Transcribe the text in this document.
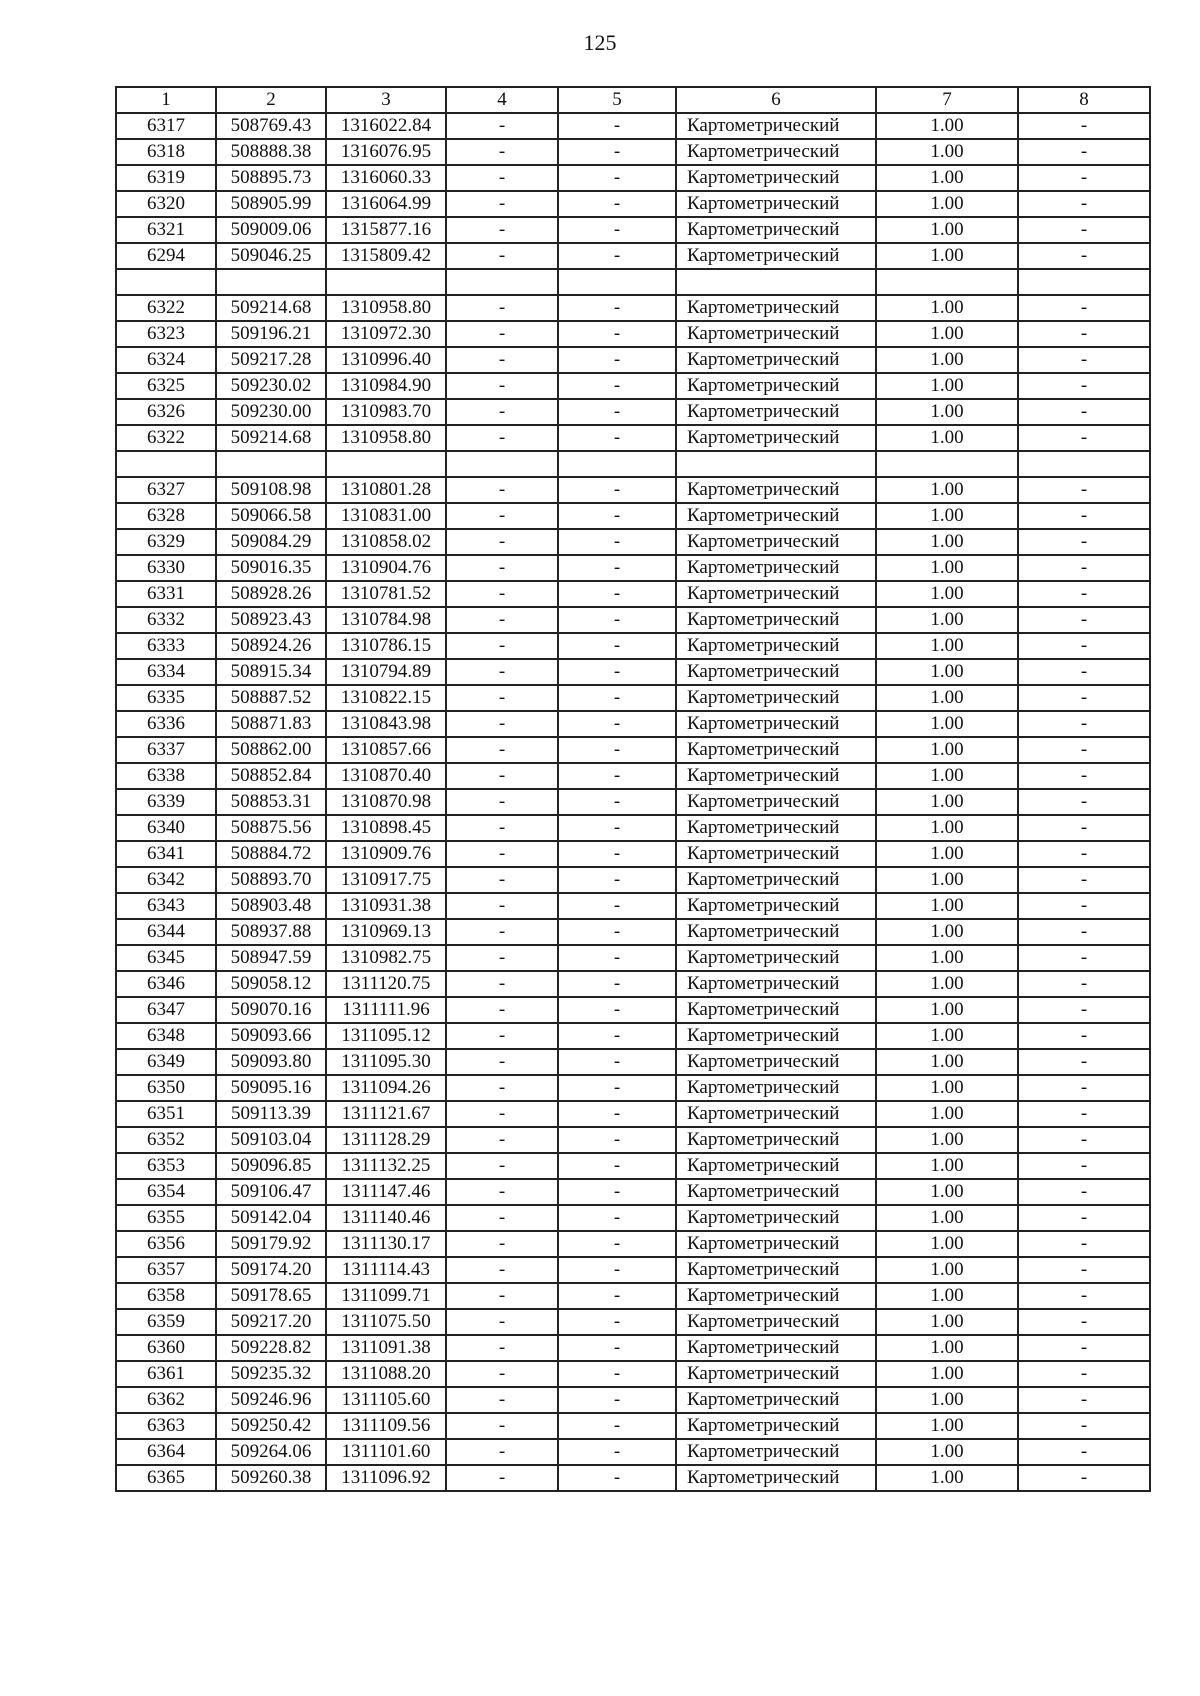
125
1	2	3	4	5	6	7	8
6317	508769.43	1316022.84	-	-	Картометрический	1.00	-
6318	508888.38	1316076.95	-	-	Картометрический	1.00	-
6319	508895.73	1316060.33	-	-	Картометрический	1.00	-
6320	508905.99	1316064.99	-	-	Картометрический	1.00	-
6321	509009.06	1315877.16	-	-	Картометрический	1.00	-
6294	509046.25	1315809.42	-	-	Картометрический	1.00	-

6322	509214.68	1310958.80	-	-	Картометрический	1.00	-
6323	509196.21	1310972.30	-	-	Картометрический	1.00	-
6324	509217.28	1310996.40	-	-	Картометрический	1.00	-
6325	509230.02	1310984.90	-	-	Картометрический	1.00	-
6326	509230.00	1310983.70	-	-	Картометрический	1.00	-
6322	509214.68	1310958.80	-	-	Картометрический	1.00	-

6327	509108.98	1310801.28	-	-	Картометрический	1.00	-
6328	509066.58	1310831.00	-	-	Картометрический	1.00	-
6329	509084.29	1310858.02	-	-	Картометрический	1.00	-
6330	509016.35	1310904.76	-	-	Картометрический	1.00	-
6331	508928.26	1310781.52	-	-	Картометрический	1.00	-
6332	508923.43	1310784.98	-	-	Картометрический	1.00	-
6333	508924.26	1310786.15	-	-	Картометрический	1.00	-
6334	508915.34	1310794.89	-	-	Картометрический	1.00	-
6335	508887.52	1310822.15	-	-	Картометрический	1.00	-
6336	508871.83	1310843.98	-	-	Картометрический	1.00	-
6337	508862.00	1310857.66	-	-	Картометрический	1.00	-
6338	508852.84	1310870.40	-	-	Картометрический	1.00	-
6339	508853.31	1310870.98	-	-	Картометрический	1.00	-
6340	508875.56	1310898.45	-	-	Картометрический	1.00	-
6341	508884.72	1310909.76	-	-	Картометрический	1.00	-
6342	508893.70	1310917.75	-	-	Картометрический	1.00	-
6343	508903.48	1310931.38	-	-	Картометрический	1.00	-
6344	508937.88	1310969.13	-	-	Картометрический	1.00	-
6345	508947.59	1310982.75	-	-	Картометрический	1.00	-
6346	509058.12	1311120.75	-	-	Картометрический	1.00	-
6347	509070.16	1311111.96	-	-	Картометрический	1.00	-
6348	509093.66	1311095.12	-	-	Картометрический	1.00	-
6349	509093.80	1311095.30	-	-	Картометрический	1.00	-
6350	509095.16	1311094.26	-	-	Картометрический	1.00	-
6351	509113.39	1311121.67	-	-	Картометрический	1.00	-
6352	509103.04	1311128.29	-	-	Картометрический	1.00	-
6353	509096.85	1311132.25	-	-	Картометрический	1.00	-
6354	509106.47	1311147.46	-	-	Картометрический	1.00	-
6355	509142.04	1311140.46	-	-	Картометрический	1.00	-
6356	509179.92	1311130.17	-	-	Картометрический	1.00	-
6357	509174.20	1311114.43	-	-	Картометрический	1.00	-
6358	509178.65	1311099.71	-	-	Картометрический	1.00	-
6359	509217.20	1311075.50	-	-	Картометрический	1.00	-
6360	509228.82	1311091.38	-	-	Картометрический	1.00	-
6361	509235.32	1311088.20	-	-	Картометрический	1.00	-
6362	509246.96	1311105.60	-	-	Картометрический	1.00	-
6363	509250.42	1311109.56	-	-	Картометрический	1.00	-
6364	509264.06	1311101.60	-	-	Картометрический	1.00	-
6365	509260.38	1311096.92	-	-	Картометрический	1.00	-
